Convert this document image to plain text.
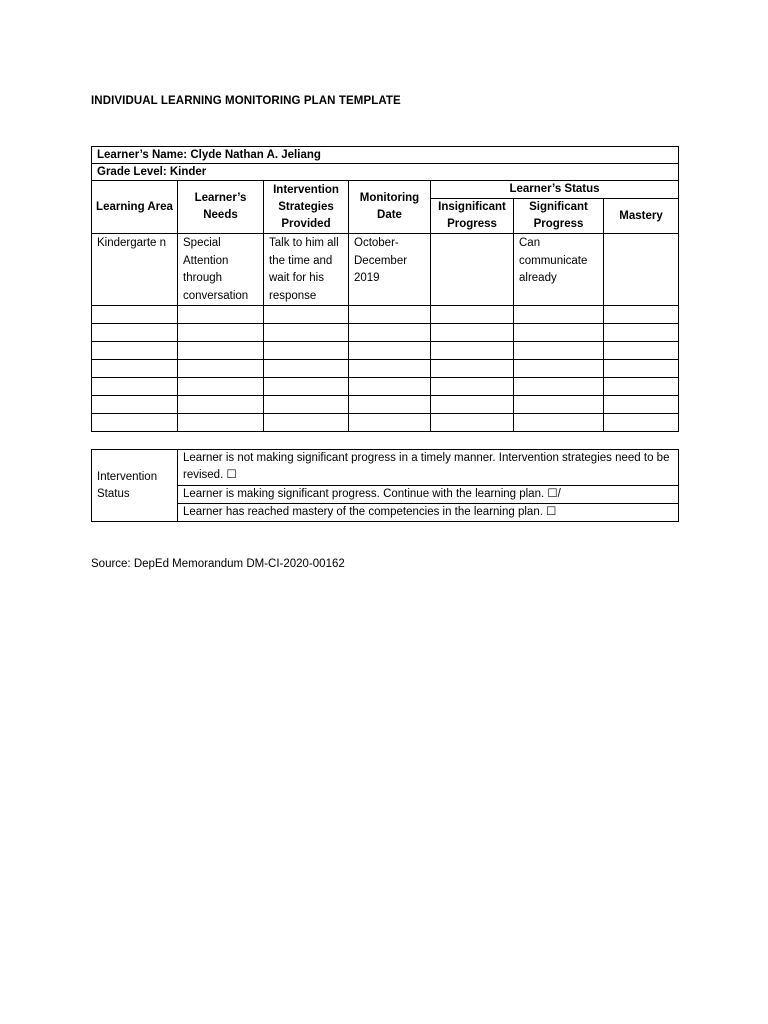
INDIVIDUAL LEARNING MONITORING PLAN TEMPLATE
Learner’s Name: Clyde Nathan A. Jeliang						
Grade Level: Kinder						
Learning Area	Learner’s Needs	Intervention Strategies Provided	Monitoring Date	Learner’s Status		
				Insignificant Progress	Significant Progress	Mastery
Kindergarte n	Special Attention through conversation	Talk to him all the time and wait for his response	October-December 2019		Can communicate already	

Intervention Status	Learner is not making significant progress in a timely manner. Intervention strategies need to be revised. ☐
Learner is making significant progress. Continue with the learning plan. ☐/
Learner has reached mastery of the competencies in the learning plan. ☐
Source: DepEd Memorandum DM-CI-2020-00162
